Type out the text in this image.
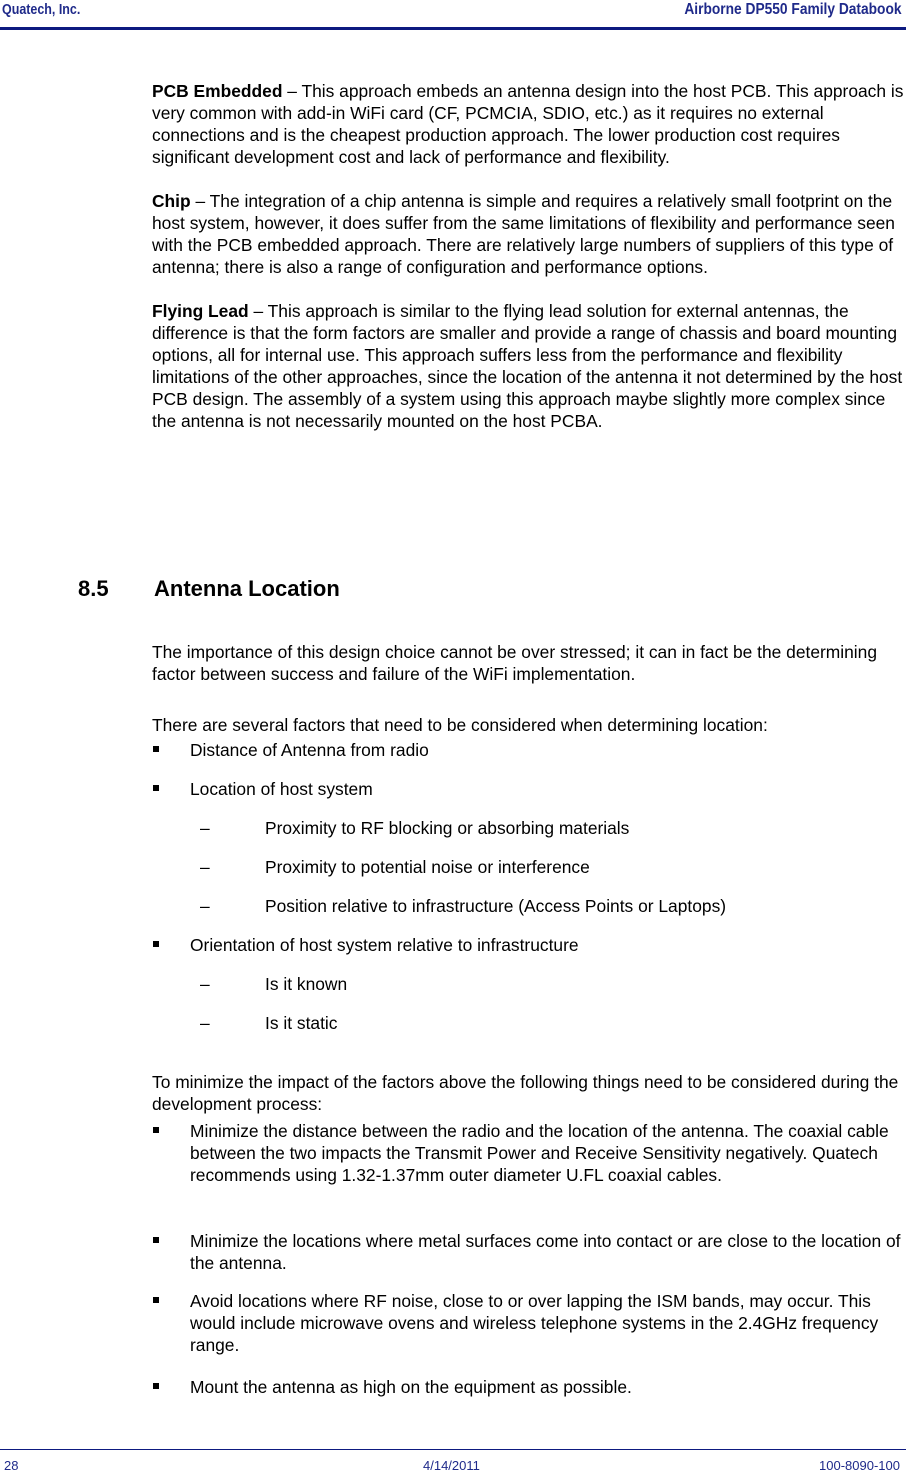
Quatech, Inc.	Airborne DP550 Family Databook

PCB Embedded – This approach embeds an antenna design into the host PCB. This approach is very common with add-in WiFi card (CF, PCMCIA, SDIO, etc.) as it requires no external connections and is the cheapest production approach. The lower production cost requires significant development cost and lack of performance and flexibility.

Chip – The integration of a chip antenna is simple and requires a relatively small footprint on the host system, however, it does suffer from the same limitations of flexibility and performance seen with the PCB embedded approach. There are relatively large numbers of suppliers of this type of antenna; there is also a range of configuration and performance options.

Flying Lead – This approach is similar to the flying lead solution for external antennas, the difference is that the form factors are smaller and provide a range of chassis and board mounting options, all for internal use. This approach suffers less from the performance and flexibility limitations of the other approaches, since the location of the antenna it not determined by the host PCB design. The assembly of a system using this approach maybe slightly more complex since the antenna is not necessarily mounted on the host PCBA.

8.5 Antenna Location

The importance of this design choice cannot be over stressed; it can in fact be the determining factor between success and failure of the WiFi implementation.

There are several factors that need to be considered when determining location:

Distance of Antenna from radio
Location of host system
–	Proximity to RF blocking or absorbing materials
–	Proximity to potential noise or interference
–	Position relative to infrastructure (Access Points or Laptops)
Orientation of host system relative to infrastructure
–	Is it known
–	Is it static

To minimize the impact of the factors above the following things need to be considered during the development process:

Minimize the distance between the radio and the location of the antenna. The coaxial cable between the two impacts the Transmit Power and Receive Sensitivity negatively. Quatech recommends using 1.32-1.37mm outer diameter U.FL coaxial cables.
Minimize the locations where metal surfaces come into contact or are close to the location of the antenna.
Avoid locations where RF noise, close to or over lapping the ISM bands, may occur. This would include microwave ovens and wireless telephone systems in the 2.4GHz frequency range.
Mount the antenna as high on the equipment as possible.
28	4/14/2011	100-8090-100
